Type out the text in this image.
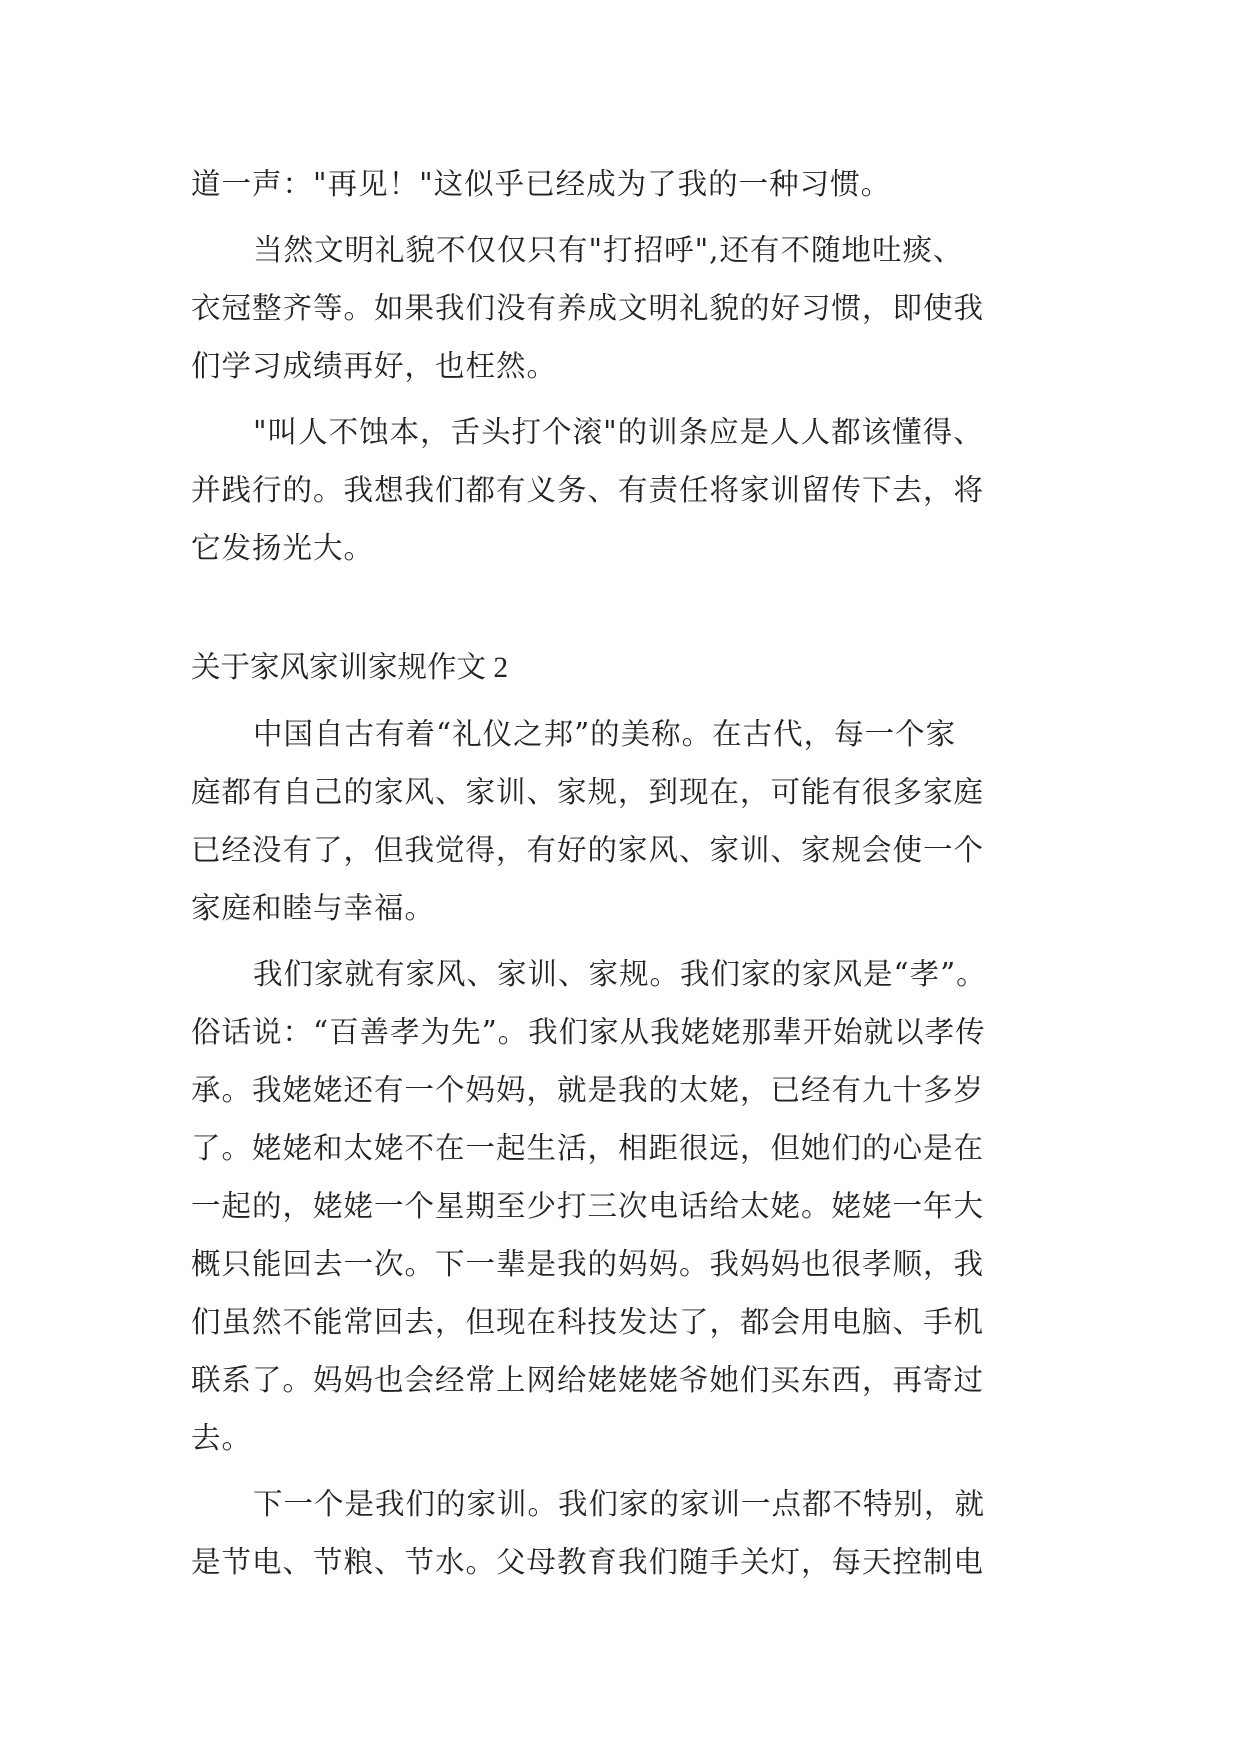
道一声："再见！"这似乎已经成为了我的一种习惯。
当然文明礼貌不仅仅只有"打招呼",还有不随地吐痰、
衣冠整齐等。如果我们没有养成文明礼貌的好习惯，即使我
们学习成绩再好，也枉然。
"叫人不蚀本，舌头打个滚"的训条应是人人都该懂得、
并践行的。我想我们都有义务、有责任将家训留传下去，将
它发扬光大。
关于家风家训家规作文 2
中国自古有着“礼仪之邦”的美称。在古代，每一个家
庭都有自己的家风、家训、家规，到现在，可能有很多家庭
已经没有了，但我觉得，有好的家风、家训、家规会使一个
家庭和睦与幸福。
我们家就有家风、家训、家规。我们家的家风是“孝”。
俗话说：“百善孝为先”。我们家从我姥姥那辈开始就以孝传
承。我姥姥还有一个妈妈，就是我的太姥，已经有九十多岁
了。姥姥和太姥不在一起生活，相距很远，但她们的心是在
一起的，姥姥一个星期至少打三次电话给太姥。姥姥一年大
概只能回去一次。下一辈是我的妈妈。我妈妈也很孝顺，我
们虽然不能常回去，但现在科技发达了，都会用电脑、手机
联系了。妈妈也会经常上网给姥姥姥爷她们买东西，再寄过
去。
下一个是我们的家训。我们家的家训一点都不特别，就
是节电、节粮、节水。父母教育我们随手关灯，每天控制电
